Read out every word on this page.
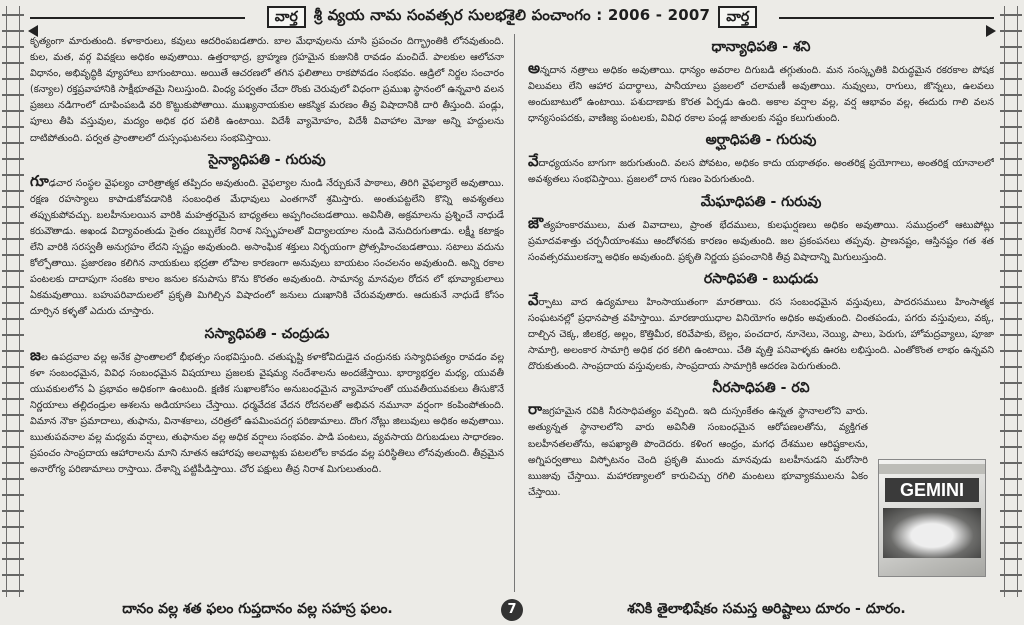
వార్త	శ్రీ వ్యయ నామ సంవత్సర సులభశైలి పంచాంగం : 2006 - 2007	వార్త

కృత్యంగా మారుతుంది. కళాకారులు, కవులు ఆదరింపబడతారు. బాల మేధావులను చూసి ప్రపంచం దిగ్భ్రాంతికి లోనవుతుంది. కుల, మత, వర్గ వివక్షలు అధికం అవుతాయి. ఉత్తరాభాద్ర, బ్రాహ్మణ గ్రహమైన కుజునికి రావడం మంచిదే. పాలకుల ఆలోచనా విధానం, అభివృద్ధికి వ్యూహాలు బాగుంటాయి. అయితే ఆచరణలో తగిన ఫలితాలు రాకపోవడం సంభవం. ఆడ్రిలో నిర్జల సంచారం (కన్యాల) రక్తప్రవాహానికి సాక్షీభూతమై నిలుస్తుంది. వింధ్య పర్వతం చేదా రొంకు చెరువులో విధంగా ప్రముఖ స్థానంలో ఉన్నవారి వలన ప్రజలు నడిగాంలో దూపింపబడి వరి కొట్టుకుపోతాయి. ముఖ్యనాయకుల ఆకస్మిక మరణం తీవ్ర విషాదానికి దారి తీస్తుంది. పండ్లు, పూలు తీపి వస్తువుల, మద్యం అధిక ధర పలికి ఉంటాయి. విదేశీ వ్యామోహం, విదేశీ వివాహాల మోజు అన్ని హద్దులను దాటిపోతుంది. పర్వత ప్రాంతాలలో దుస్సంఘటనలు సంభవిస్తాయి.

సైన్యాధిపతి - గురువు

గూఢచార సంస్థల వైఫల్యం చారిత్రాత్మక తప్పిదం అవుతుంది. వైఫల్యాల నుండి నేర్చుకునే పాఠాలు, తిరిగి వైఫల్యాలే అవుతాయి. రక్షణ రహస్యాలు కాపాడుకోవడానికి సంబంధిత మేధావులు ఎంతగానో శ్రమిస్తారు. అంతుపట్టలేని కొన్ని అవశ్యతలు తప్పుకుపోవచ్చు. బలహీనులయిన వారికి మహత్తరమైన బాధ్యతలు అప్పగించబడతాయి. అవినీతి, అక్రమాలను ప్రశ్నించే నాధుడే కరువౌతాడు. అఖండ విద్యావంతుడు సైతం దబ్బులేక నిరాశ నిస్పృహలతో విద్యాలయాల నుండి వెనుదిరుగుతాడు. లక్ష్మీ కటాక్షం లేని వారికి సరస్వతీ అనుగ్రహం లేదని స్పష్టం అవుతుంది. అసాంఘిక శక్తులు నిర్భయంగా ప్రోత్సహించబడతాయి. సటాలు వదును కోల్పోతాయి. ప్రజారణం కలిగిన నాయకులు భద్రతా లోపాల కారణంగా అనువులు బాయటం సంచలనం అవుతుంది. అన్ని రకాల పంటలకు దాదాపుగా సంకట కాలం జనుల కనుపాసు కొను కొరతం అవుతుంది. సామాన్య మానవుల రోదన లో భూవ్యాకులాలు ఏకమవుతాయి. బహుపరివాదులలో ప్రకృతి మిగిల్చిన విషాదంలో జనులు దుఃఖానికి చేరువవుతారు. ఆదుకునే నాధుడే కోసం దూర్సిన కళ్ళతో ఎదురు చూస్తారు.

సస్యాధిపతి - చంద్రుడు

జల ఉపద్రవాల వల్ల అనేక ప్రాంతాలలో భీభత్సం సంభవిస్తుంది. చతుష్పష్టి కళాకోవిదుడైన చంద్రునకు సస్యాధిపత్యం రావడం వల్ల కళా సంబంధమైన, వివిధ సంబంధమైన విషయాలు ప్రజలకు వైషమ్య నందేశాలను అందజేస్తాయి. భార్యాభర్తల మధ్య, యువతీ యువకులలోన ఏ ప్రభావం అధికంగా ఉంటుంది. క్షణిక సుఖాలకోసం అనుబంధమైన వ్యామోహంతో యువతీయువకులు తీసుకొనే నిర్ణయాలు తల్లిదండ్రుల ఆశలను అడియాసలు చేస్తాయి. ధర్మవేదక వేదన రోదనలతో అభివన నమూనా వర్షంగా కంపింపోతుంది. విమాన నౌకా ప్రమాదాలు, తుఫాను, వినాశకాలు, చరిత్రలో ఉపమింపదగ్గ పరిణామాలు. దొంగ నోట్లు జిలువులు అధికం అవుతాయి. ఋతుపవనాల వల్ల మధ్యమ వర్షాలు, తుఫానుల వల్ల అధిక వర్షాలు సంభవం. పాడి పంటలు, వ్యవసాయ దిగుబడులు సాధారణం. ప్రపంచం సాంప్రదాయ ఆహారాలను మాని నూతన ఆహారపు అలవాట్లకు పటలలోల కావడం వల్ల పరిస్థితిలు లోనవుతుంది. తీవ్రమైన అనారోగ్య పరిణామాలు రాస్తాయి. దేశాన్ని పట్టిపీడిస్తాయి. చోర పక్షులు తీవ్ర నిరాశ మిగులుతుంది.

ధాన్యాధిపతి - శని

అన్నదాన నత్రాలు అధికం అవుతాయి. ధాన్యం అవరాల దిగుబడి తగ్గుతుంది. మన సంస్కృతికి విరుద్ధమైన రకరకాల పోషక విలువలు లేని ఆహార పదార్థాలు, పానీయాలు ప్రజలలో చలామణీ అవుతాయి. నువ్వులు, రాగులు, జొన్నలు, ఉలవలు అందుబాటులో ఉంటాయి. పశుదాణాకు కొరత ఏర్పడు ఉంది. అకాల వర్షాల వల్ల, వర్ష ఆభావం వల్ల, ఈదురు గాలి వలన ధాన్యసంపదకు, వాణిజ్య పంటలకు, వివిధ రకాల పండ్ల జాతులకు నష్టం కలుగుతుంది.

అర్ఘాధిపతి - గురువు

వేదాధ్యయనం బాగుగా జరుగుతుంది. వలస పోవటం, అధికం కాదు యథాతథం. అంతరిక్ష ప్రయోగాలు, అంతరిక్ష యానాలలో అవశ్యతలు సంభవిస్తాయి. ప్రజలలో దాన గుణం పెరుగుతుంది.

మేఘాధిపతి - గురువు

జౌత్యహంకారములు, మత వివాదాలు, ప్రాంత భేదములు, కులఘర్షణలు అధికం అవుతాయి. సముద్రంలో ఆటుపోట్లు ప్రమాదవశాత్తు చర్చనీయాంశము ఆందోళనకు కారణం అవుతుంది. జల ప్రకంపనలు తప్పవు. ప్రాణనష్టం, ఆస్తినష్టం గత శత సంవత్సరములకన్నా అధికం అవుతుంది. ప్రకృతి నిర్ణయ ప్రపంచానికి తీవ్ర విషాదాన్ని మిగులుస్తుంది.

రసాధిపతి - బుధుడు

వేర్పాటు వాద ఉద్యమాలు హింసాయుతంగా మారతాయి. రస సంబంధమైన వస్తువులు, పాదరసములు హింసాత్మక సంఘటనల్లో ప్రధానపాత్ర వహిస్తాయి. మారణాయుధాల వినియోగం అధికం అవుతుంది. చింతపండు, పగరు వస్తువులు, వక్క, దాల్చిన చెక్క, జీలకర్ర, అల్లం, కొత్తిమీర, కరివేపాకు, బెల్లం, పంచదార, నూనెలు, నెయ్యి, పాలు, పెరుగు, హోమద్రవ్యాలు, పూజా సామాగ్రి, అలంకార సామాగ్రి అధిక ధర కలిగి ఉంటాయి. చేతి వృత్తి పనివాళ్ళకు ఊరట లభిస్తుంది. ఎంతోకొంత లాభం ఉన్నవని దొరుకుతుంది. సాంప్రదాయ వస్తువులకు, సాంప్రదాయ సామాగ్రికి ఆదరణ పెరుగుతుంది.

నీరసాధిపతి - రవి

రాజగ్రహమైన రవికి నీరసాధిపత్యం వచ్చింది. ఇది దుస్సంకేతం ఉన్నత స్థానాలలోని వారు. అత్యున్నత స్థానాలలోని వారు అవినీతి సంబంధమైన ఆరోపణలతోను, వ్యక్తిగత బలహీనతలతోను, అపఖ్యాతి పొందెదరు. కళింగ ఆంధ్రం, మగధ దేశముల ఆరిష్టకాలను, అగ్నిపర్వతాలు విస్ఫోటనం చెంది ప్రకృతి ముందు మానవుడు బలహీనుడని మరోసారి ఋజువు చేస్తాయి. మహారణ్యాలలో కారుచిచ్చు రగిలి మంటలు భూవ్యాకములను ఏకం చేస్తాయి.	GEMINI
దానం వల్ల శత ఫలం గుప్తదానం వల్ల సహస్ర ఫలం.	7	శనికి తైలాభిషేకం సమస్త అరిష్టాలు దూరం - దూరం.
